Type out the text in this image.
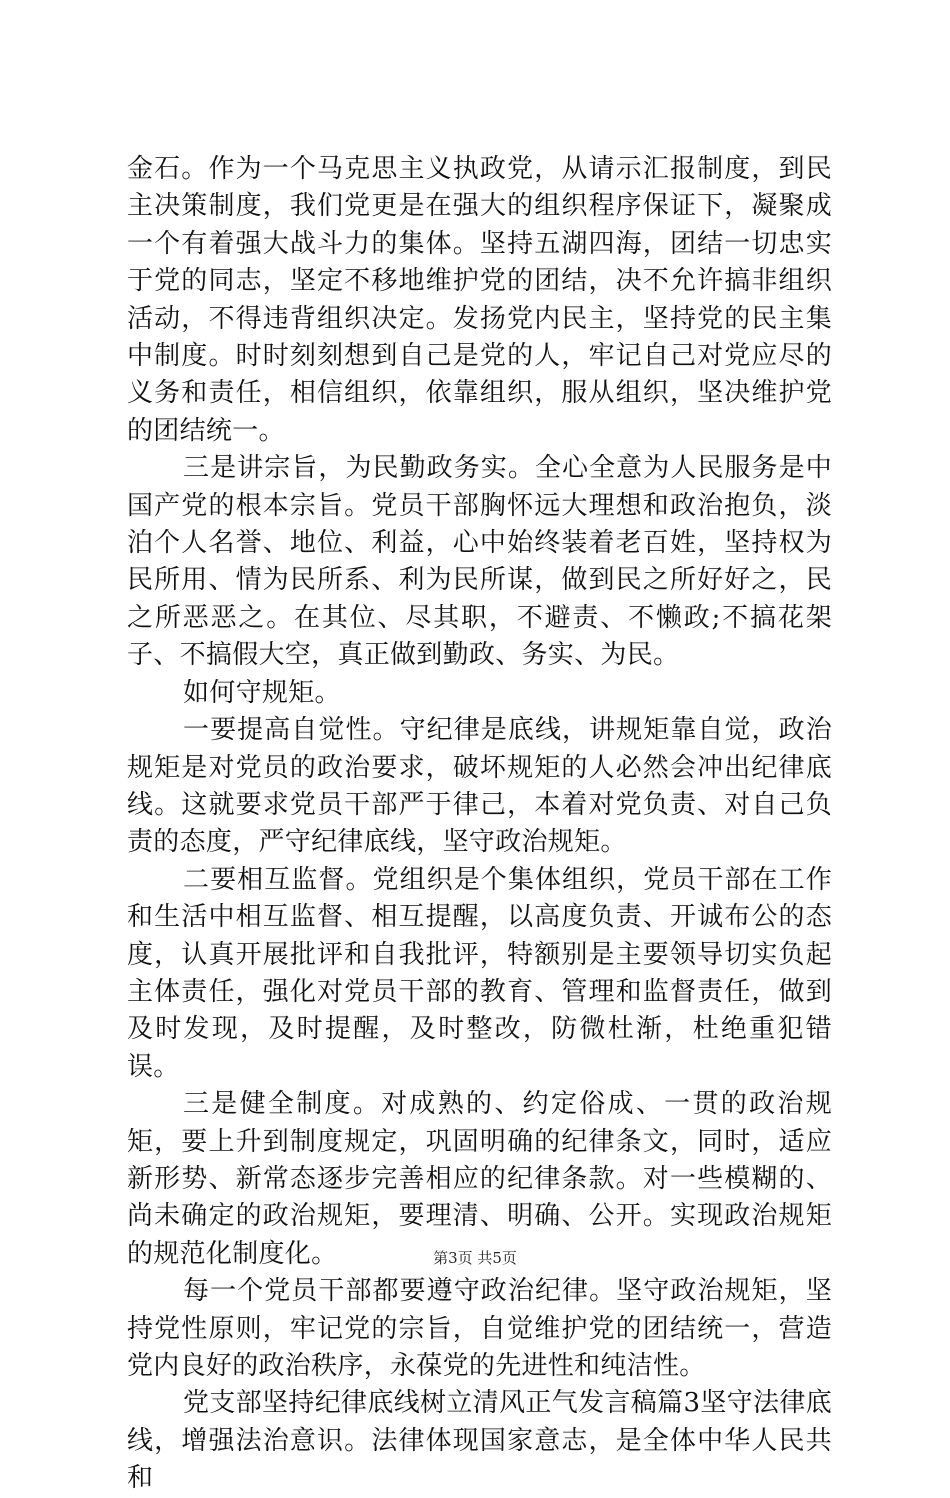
金石。作为一个马克思主义执政党，从请示汇报制度，到民主决策制度，我们党更是在强大的组织程序保证下，凝聚成一个有着强大战斗力的集体。坚持五湖四海，团结一切忠实于党的同志，坚定不移地维护党的团结，决不允许搞非组织活动，不得违背组织决定。发扬党内民主，坚持党的民主集中制度。时时刻刻想到自己是党的人，牢记自己对党应尽的义务和责任，相信组织，依靠组织，服从组织，坚决维护党的团结统一。

三是讲宗旨，为民勤政务实。全心全意为人民服务是中国产党的根本宗旨。党员干部胸怀远大理想和政治抱负，淡泊个人名誉、地位、利益，心中始终装着老百姓，坚持权为民所用、情为民所系、利为民所谋，做到民之所好好之，民之所恶恶之。在其位、尽其职，不避责、不懒政;不搞花架子、不搞假大空，真正做到勤政、务实、为民。

如何守规矩。

一要提高自觉性。守纪律是底线，讲规矩靠自觉，政治规矩是对党员的政治要求，破坏规矩的人必然会冲出纪律底线。这就要求党员干部严于律己，本着对党负责、对自己负责的态度，严守纪律底线，坚守政治规矩。

二要相互监督。党组织是个集体组织，党员干部在工作和生活中相互监督、相互提醒，以高度负责、开诚布公的态度，认真开展批评和自我批评，特额别是主要领导切实负起主体责任，强化对党员干部的教育、管理和监督责任，做到及时发现，及时提醒，及时整改，防微杜渐，杜绝重犯错误。

三是健全制度。对成熟的、约定俗成、一贯的政治规矩，要上升到制度规定，巩固明确的纪律条文，同时，适应新形势、新常态逐步完善相应的纪律条款。对一些模糊的、尚未确定的政治规矩，要理清、明确、公开。实现政治规矩的规范化制度化。

每一个党员干部都要遵守政治纪律。坚守政治规矩，坚持党性原则，牢记党的宗旨，自觉维护党的团结统一，营造党内良好的政治秩序，永葆党的先进性和纯洁性。

党支部坚持纪律底线树立清风正气发言稿篇3坚守法律底线，增强法治意识。法律体现国家意志，是全体中华人民共和

第3页 共5页
